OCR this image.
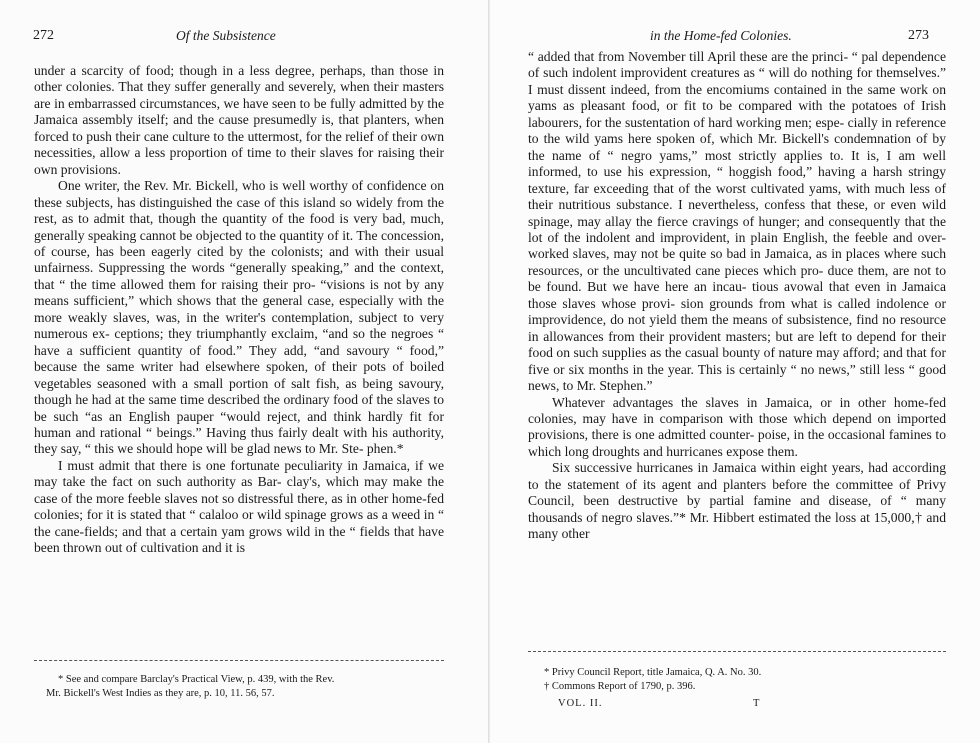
272	Of the Subsistence

under a scarcity of food; though in a less degree, perhaps, than those in other colonies. That they suffer generally and severely, when their masters are in embarrassed circumstances, we have seen to be fully admitted by the Jamaica assembly itself; and the cause presumedly is, that planters, when forced to push their cane culture to the uttermost, for the relief of their own necessities, allow a less proportion of time to their slaves for raising their own provisions.

One writer, the Rev. Mr. Bickell, who is well worthy of confidence on these subjects, has distinguished the case of this island so widely from the rest, as to admit that, though the quantity of the food is very bad, much, generally speaking cannot be objected to the quantity of it. The concession, of course, has been eagerly cited by the colonists; and with their usual unfairness. Suppressing the words “generally speaking,” and the context, that “ the time allowed them for raising their pro- “visions is not by any means sufficient,” which shows that the general case, especially with the more weakly slaves, was, in the writer's contemplation, subject to very numerous ex- ceptions; they triumphantly exclaim, “and so the negroes “ have a sufficient quantity of food.” They add, “and savoury “ food,” because the same writer had elsewhere spoken, of their pots of boiled vegetables seasoned with a small portion of salt fish, as being savoury, though he had at the same time described the ordinary food of the slaves to be such “as an English pauper “would reject, and think hardly fit for human and rational “ beings.” Having thus fairly dealt with his authority, they say, “ this we should hope will be glad news to Mr. Ste- phen.*

I must admit that there is one fortunate peculiarity in Jamaica, if we may take the fact on such authority as Bar- clay's, which may make the case of the more feeble slaves not so distressful there, as in other home-fed colonies; for it is stated that “ calaloo or wild spinage grows as a weed in “ the cane-fields; and that a certain yam grows wild in the “ fields that have been thrown out of cultivation and it is

* See and compare Barclay's Practical View, p. 439, with the Rev.
Mr. Bickell's West Indies as they are, p. 10, 11. 56, 57.
in the Home-fed Colonies.	273

“ added that from November till April these are the princi- “ pal dependence of such indolent improvident creatures as “ will do nothing for themselves.” I must dissent indeed, from the encomiums contained in the same work on yams as pleasant food, or fit to be compared with the potatoes of Irish labourers, for the sustentation of hard working men; espe- cially in reference to the wild yams here spoken of, which Mr. Bickell's condemnation of by the name of “ negro yams,” most strictly applies to. It is, I am well informed, to use his expression, “ hoggish food,” having a harsh stringy texture, far exceeding that of the worst cultivated yams, with much less of their nutritious substance. I nevertheless, confess that these, or even wild spinage, may allay the fierce cravings of hunger; and consequently that the lot of the indolent and improvident, in plain English, the feeble and over-worked slaves, may not be quite so bad in Jamaica, as in places where such resources, or the uncultivated cane pieces which pro- duce them, are not to be found. But we have here an incau- tious avowal that even in Jamaica those slaves whose provi- sion grounds from what is called indolence or improvidence, do not yield them the means of subsistence, find no resource in allowances from their provident masters; but are left to depend for their food on such supplies as the casual bounty of nature may afford; and that for five or six months in the year. This is certainly “ no news,” still less “ good news, to Mr. Stephen.”

Whatever advantages the slaves in Jamaica, or in other home-fed colonies, may have in comparison with those which depend on imported provisions, there is one admitted counter- poise, in the occasional famines to which long droughts and hurricanes expose them.

Six successive hurricanes in Jamaica within eight years, had according to the statement of its agent and planters before the committee of Privy Council, been destructive by partial famine and disease, of “ many thousands of negro slaves.”* Mr. Hibbert estimated the loss at 15,000,† and many other

* Privy Council Report, title Jamaica, Q. A. No. 30.
† Commons Report of 1790, p. 396.
VOL. II.	T
